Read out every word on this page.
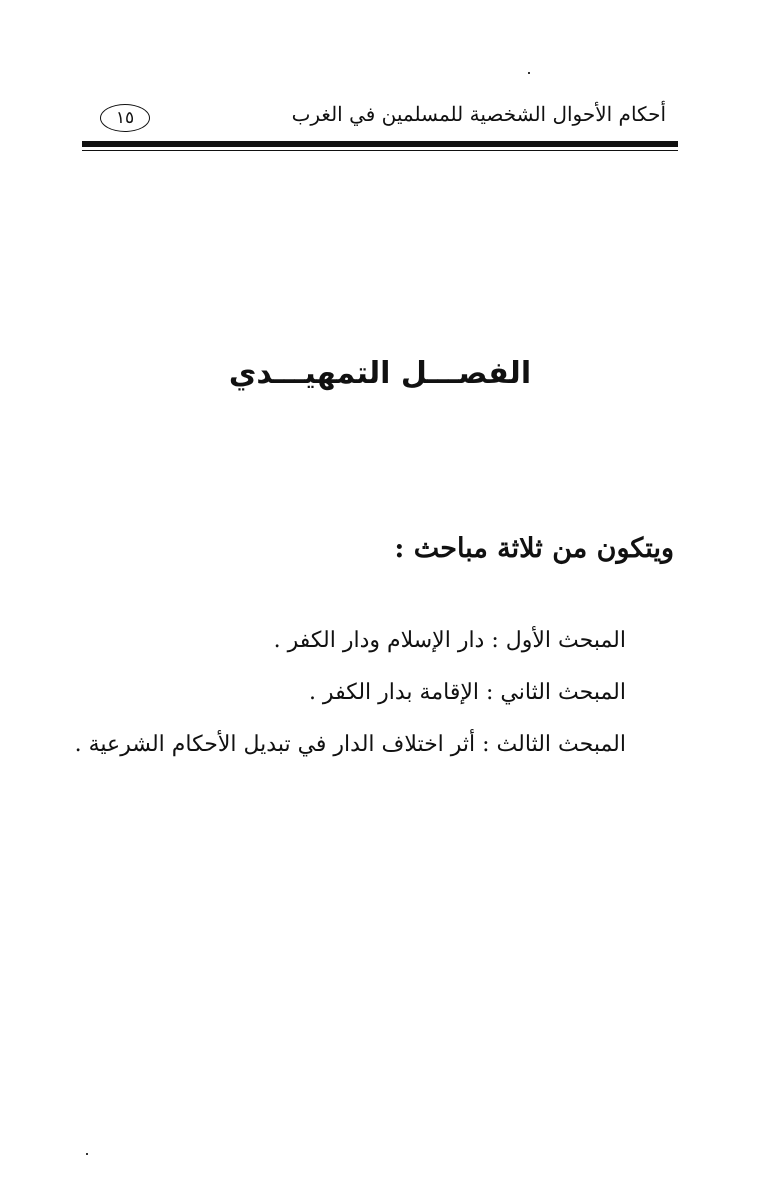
أحكام الأحوال الشخصية للمسلمين في الغرب
١٥
الفصـــل التمهيـــدي
ويتكون من ثلاثة مباحث :
المبحث الأول : دار الإسلام ودار الكفر .
المبحث الثاني : الإقامة بدار الكفر .
المبحث الثالث : أثر اختلاف الدار في تبديل الأحكام الشرعية .
